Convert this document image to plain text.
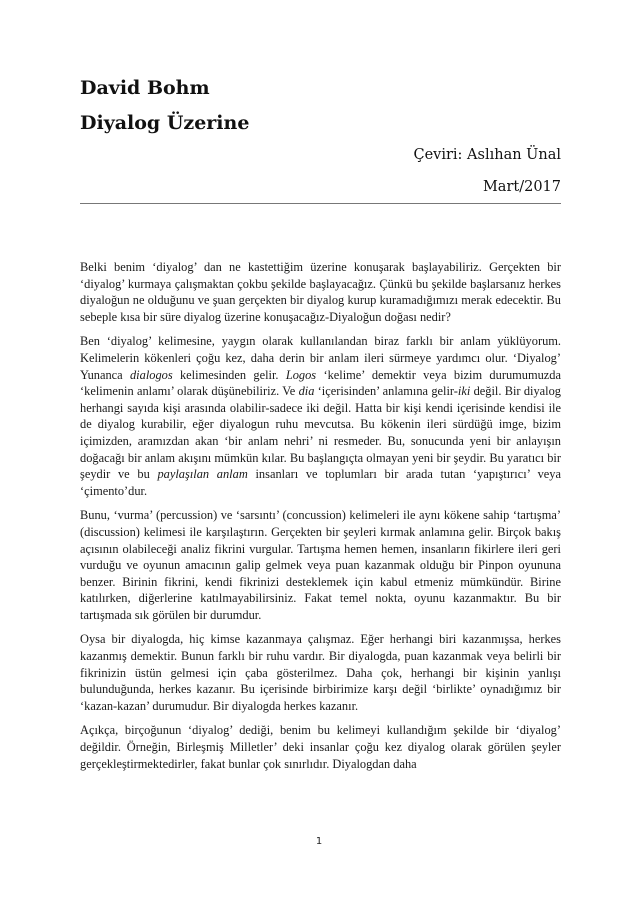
David Bohm
Diyalog Üzerine
Çeviri: Aslıhan Ünal
Mart/2017

Belki benim ‘diyalog’ dan ne kastettiğim üzerine konuşarak başlayabiliriz. Gerçekten bir ‘diyalog’ kurmaya çalışmaktan çokbu şekilde başlayacağız. Çünkü bu şekilde başlarsanız herkes diyaloğun ne olduğunu ve şuan gerçekten bir diyalog kurup kuramadığımızı merak edecektir. Bu sebeple kısa bir süre diyalog üzerine konuşacağız-Diyaloğun doğası nedir?

Ben ‘diyalog’ kelimesine, yaygın olarak kullanılandan biraz farklı bir anlam yüklüyorum. Kelimelerin kökenleri çoğu kez, daha derin bir anlam ileri sürmeye yardımcı olur. ‘Diyalog’ Yunanca dialogos kelimesinden gelir. Logos ‘kelime’ demektir veya bizim durumumuzda ‘kelimenin anlamı’ olarak düşünebiliriz. Ve dia ‘içerisinden’ anlamına gelir-iki değil. Bir diyalog herhangi sayıda kişi arasında olabilir-sadece iki değil. Hatta bir kişi kendi içerisinde kendisi ile de diyalog kurabilir, eğer diyalogun ruhu mevcutsa. Bu kökenin ileri sürdüğü imge, bizim içimizden, aramızdan akan ‘bir anlam nehri’ ni resmeder. Bu, sonucunda yeni bir anlayışın doğacağı bir anlam akışını mümkün kılar. Bu başlangıçta olmayan yeni bir şeydir. Bu yaratıcı bir şeydir ve bu paylaşılan anlam insanları ve toplumları bir arada tutan ‘yapıştırıcı’ veya ‘çimento’dur.

Bunu, ‘vurma’ (percussion) ve ‘sarsıntı’ (concussion) kelimeleri ile aynı kökene sahip ‘tartışma’ (discussion) kelimesi ile karşılaştırın. Gerçekten bir şeyleri kırmak anlamına gelir. Birçok bakış açısının olabileceği analiz fikrini vurgular. Tartışma hemen hemen, insanların fikirlere ileri geri vurduğu ve oyunun amacının galip gelmek veya puan kazanmak olduğu bir Pinpon oyununa benzer. Birinin fikrini, kendi fikrinizi desteklemek için kabul etmeniz mümkündür. Birine katılırken, diğerlerine katılmayabilirsiniz. Fakat temel nokta, oyunu kazanmaktır. Bu bir tartışmada sık görülen bir durumdur.

Oysa bir diyalogda, hiç kimse kazanmaya çalışmaz. Eğer herhangi biri kazanmışsa, herkes kazanmış demektir. Bunun farklı bir ruhu vardır. Bir diyalogda, puan kazanmak veya belirli bir fikrinizin üstün gelmesi için çaba gösterilmez. Daha çok, herhangi bir kişinin yanlışı bulunduğunda, herkes kazanır. Bu içerisinde birbirimize karşı değil ‘birlikte’ oynadığımız bir ‘kazan-kazan’ durumudur. Bir diyalogda herkes kazanır.

Açıkça, birçoğunun ‘diyalog’ dediği, benim bu kelimeyi kullandığım şekilde bir ‘diyalog’ değildir. Örneğin, Birleşmiş Milletler’ deki insanlar çoğu kez diyalog olarak görülen şeyler gerçekleştirmektedirler, fakat bunlar çok sınırlıdır. Diyalogdan daha

1
